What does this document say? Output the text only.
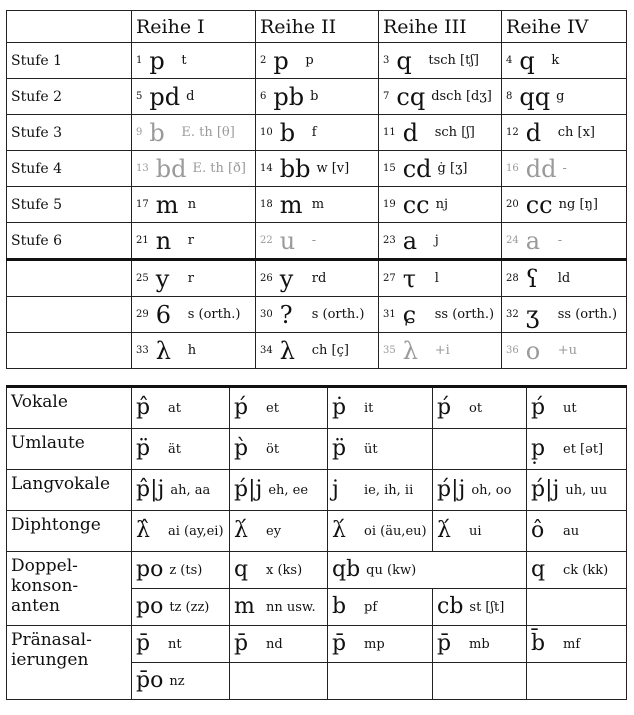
	Reihe I	Reihe II	Reihe III	Reihe IV
Stufe 1	1 p t	2 p p	3 q tsch [tʃ]	4 q k

Stufe 2	5 pd d	6 pb b	7 cq dsch [dʒ]	8 qq g

Stufe 3	9 b E. th [θ]	10 b f	11 d sch [ʃ]	12 d ch [x]

Stufe 4	13 bd E. th [ð]	14 bb w [v]	15 cd ġ [ʒ]	16 dd -

Stufe 5	17 m n	18 m m	19 cc nj	20 cc ng [ŋ]

Stufe 6	21 n r	22 u -	23 a j	24 a -

	25 y r	26 y rd	27 τ l	28 ʕ ld

	29 6 s (orth.)	30 ? s (orth.)	31 ɕ ss (orth.)	32 ʒ ss (orth.)

	33 λ h	34 λ ch [ç]	35 λ +i	36 o +u
Vokale	p̂ at	ṕ et	ṗ it	ṕ ot	ṕ ut

Umlaute	p̈ ät	p̀ öt	p̈ üt		p̣ et [ət]

Langvokale	p̂|j ah, aa	ṕ|j eh, ee	j ie, ih, ii	ṕ|j oh, oo	ṕ|j uh, uu

Diphtonge	λ̂ ai (ay,ei)	λ́ ey	λ́ oi (äu,eu)	λ́ ui	ô au

Doppel-
konson-
anten	po z (ts)	q x (ks)	qb qu (kw)		q ck (kk)

	po tz (zz)	m nn usw.	b pf	cb st [ʃt]	

Pränasal-
ierungen	p̄ nt	p̄ nd	p̄ mp	p̄ mb	b̄ mf

	p̄o nz				
